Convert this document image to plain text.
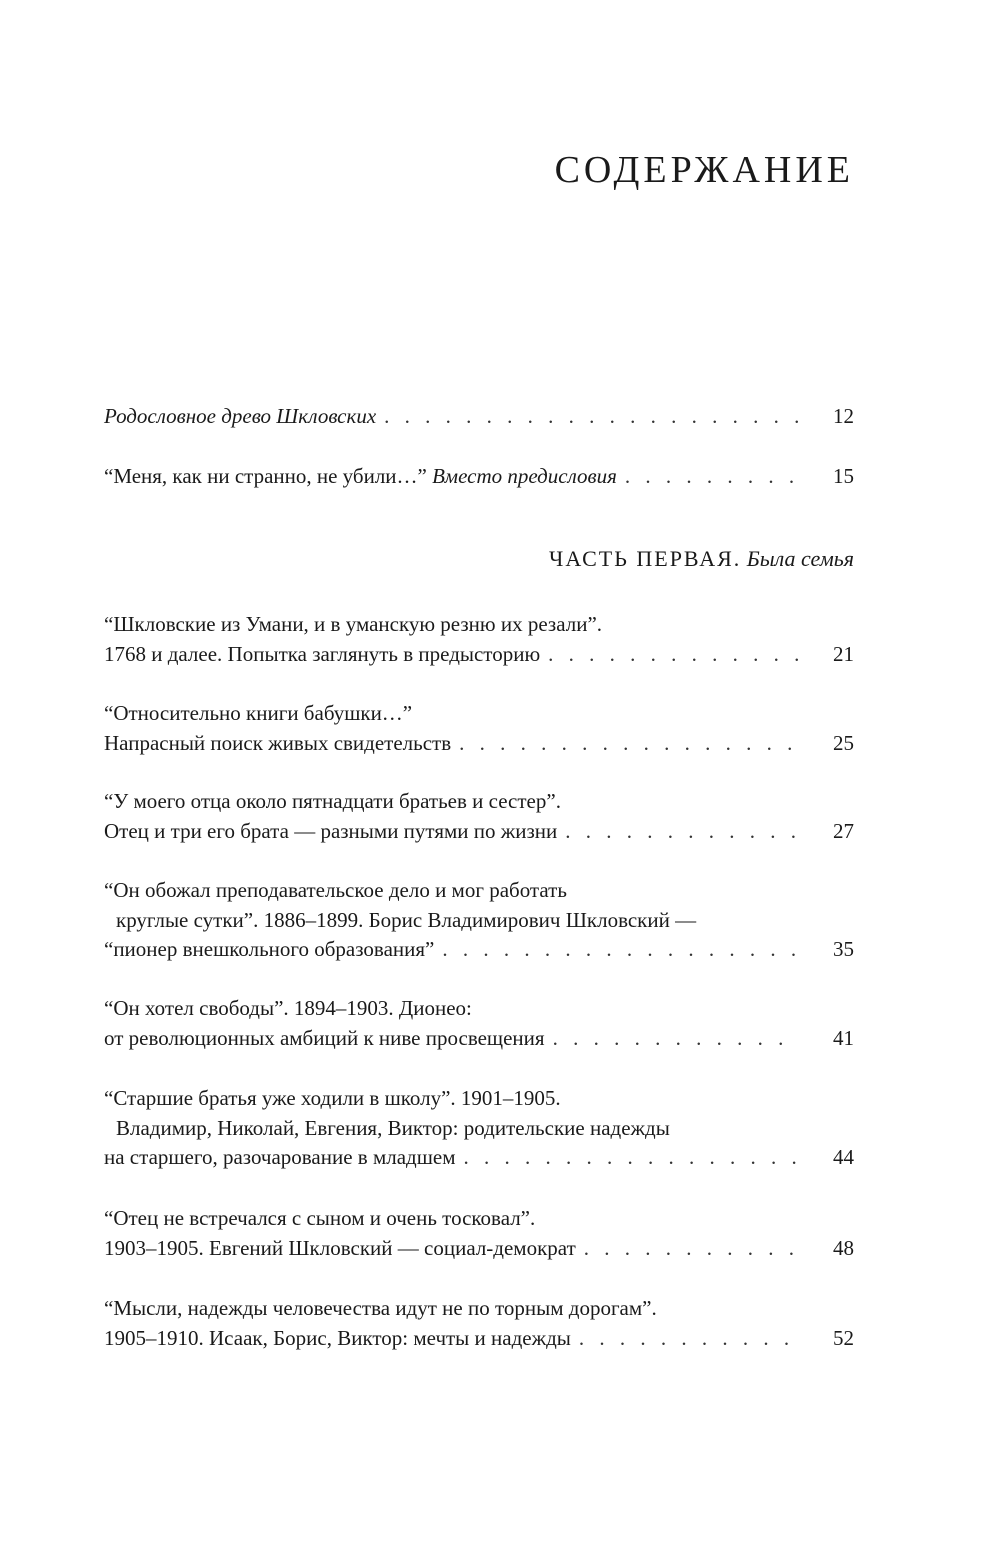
СОДЕРЖАНИЕ
Родословное древо Шкловских . . .	12
“Меня, как ни странно, не убили…” Вместо предисловия . . .	15
ЧАСТЬ ПЕРВАЯ. Была семья
“Шкловские из Умани, и в уманскую резню их резали”.
1768 и далее. Попытка заглянуть в предысторию . . .	21
“Относительно книги бабушки…”
Напрасный поиск живых свидетельств . . .	25
“У моего отца около пятнадцати братьев и сестер”.
Отец и три его брата — разными путями по жизни . . .	27
“Он обожал преподавательское дело и мог работать
круглые сутки”. 1886–1899. Борис Владимирович Шкловский —
“пионер внешкольного образования” . . .	35
“Он хотел свободы”. 1894–1903. Дионео:
от революционных амбиций к ниве просвещения . . .	41
“Старшие братья уже ходили в школу”. 1901–1905.
Владимир, Николай, Евгения, Виктор: родительские надежды
на старшего, разочарование в младшем . . .	44
“Отец не встречался с сыном и очень тосковал”.
1903–1905. Евгений Шкловский — социал-демократ . . .	48
“Мысли, надежды человечества идут не по торным дорогам”.
1905–1910. Исаак, Борис, Виктор: мечты и надежды . . .	52
